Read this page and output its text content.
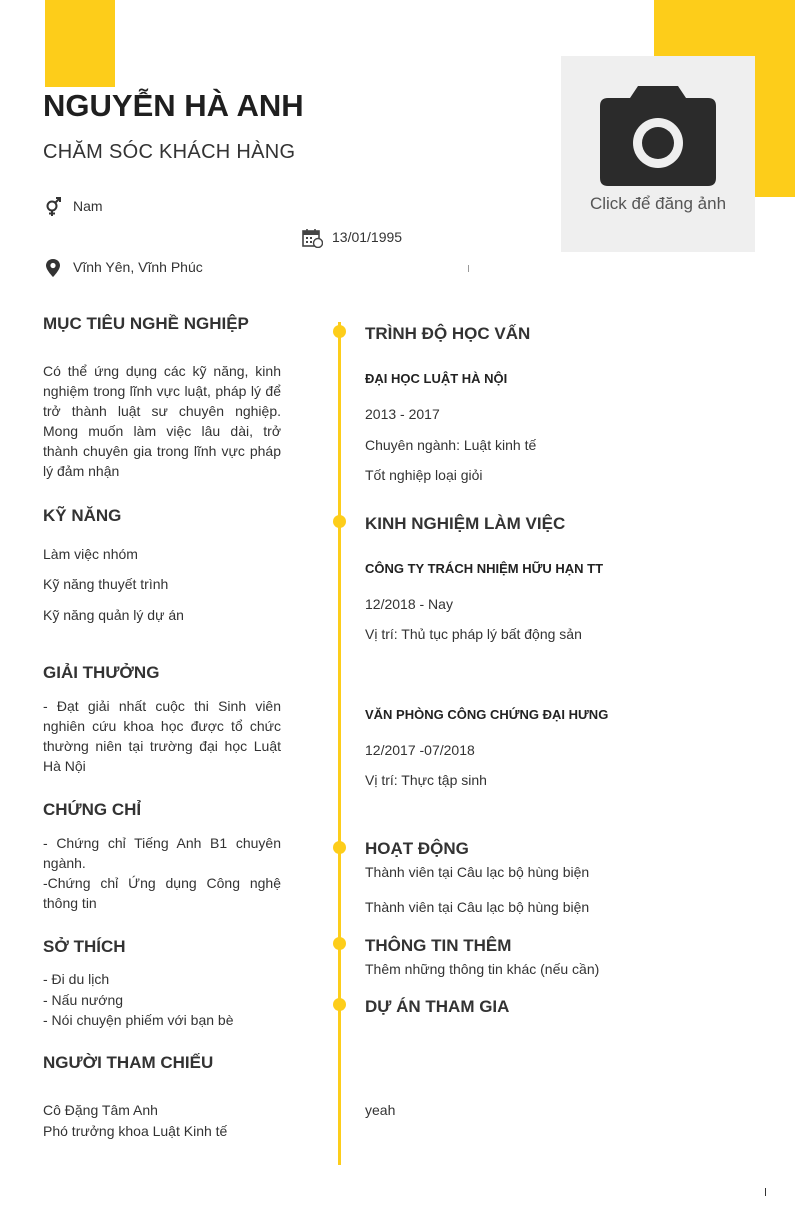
Click để đăng ảnh
NGUYỄN HÀ ANH
CHĂM SÓC KHÁCH HÀNG
Nam
13/01/1995
Vĩnh Yên, Vĩnh Phúc
MỤC TIÊU NGHỀ NGHIỆP
Có thể ứng dụng các kỹ năng, kinh nghiệm trong lĩnh vực luật, pháp lý để trở thành luật sư chuyên nghiệp. Mong muốn làm việc lâu dài, trở thành chuyên gia trong lĩnh vực pháp lý đảm nhận
KỸ NĂNG
Làm việc nhóm
Kỹ năng thuyết trình
Kỹ năng quản lý dự án
GIẢI THƯỞNG
- Đạt giải nhất cuộc thi Sinh viên nghiên cứu khoa học được tổ chức thường niên tại trường đại học Luật Hà Nội
CHỨNG CHỈ
- Chứng chỉ Tiếng Anh B1 chuyên ngành.
-Chứng chỉ Ứng dụng Công nghệ thông tin
SỞ THÍCH
- Đi du lịch
- Nấu nướng
- Nói chuyện phiếm với bạn bè
NGƯỜI THAM CHIẾU
Cô Đặng Tâm Anh
Phó trưởng khoa Luật Kinh tế
TRÌNH ĐỘ HỌC VẤN
ĐẠI HỌC LUẬT HÀ NỘI
2013 - 2017
Chuyên ngành: Luật kinh tế
Tốt nghiệp loại giỏi
KINH NGHIỆM LÀM VIỆC
CÔNG TY TRÁCH NHIỆM HỮU HẠN TT
12/2018 - Nay
Vị trí: Thủ tục pháp lý bất động sản
VĂN PHÒNG CÔNG CHỨNG ĐẠI HƯNG
12/2017 -07/2018
Vị trí: Thực tập sinh
HOẠT ĐỘNG
Thành viên tại Câu lạc bộ hùng biện
Thành viên tại Câu lạc bộ hùng biện
THÔNG TIN THÊM
Thêm những thông tin khác (nếu cần)
DỰ ÁN THAM GIA
yeah
